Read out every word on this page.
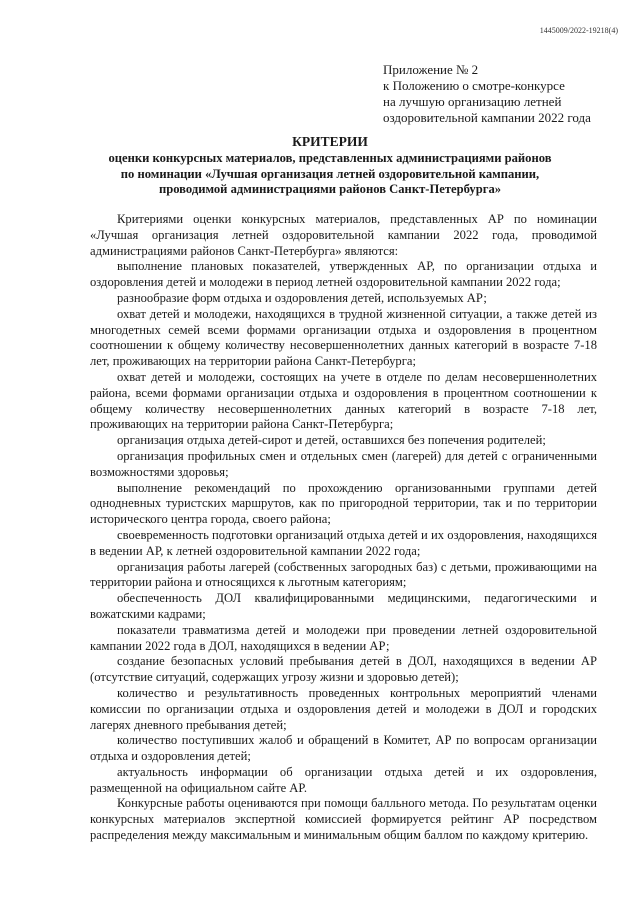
1445009/2022-19218(4)
Приложение № 2
к Положению о смотре-конкурсе
на лучшую организацию летней
оздоровительной кампании 2022 года
КРИТЕРИИ
оценки конкурсных материалов, представленных администрациями районов
по номинации «Лучшая организация летней оздоровительной кампании,
проводимой администрациями районов Санкт-Петербурга»

Критериями оценки конкурсных материалов, представленных АР по номинации «Лучшая организация летней оздоровительной кампании 2022 года, проводимой администрациями районов Санкт-Петербурга» являются:

выполнение плановых показателей, утвержденных АР, по организации отдыха и оздоровления детей и молодежи в период летней оздоровительной кампании 2022 года;

разнообразие форм отдыха и оздоровления детей, используемых АР;

охват детей и молодежи, находящихся в трудной жизненной ситуации, а также детей из многодетных семей всеми формами организации отдыха и оздоровления в процентном соотношении к общему количеству несовершеннолетних данных категорий в возрасте 7-18 лет, проживающих на территории района Санкт-Петербурга;

охват детей и молодежи, состоящих на учете в отделе по делам несовершеннолетних района, всеми формами организации отдыха и оздоровления в процентном соотношении к общему количеству несовершеннолетних данных категорий в возрасте 7-18 лет, проживающих на территории района Санкт-Петербурга;

организация отдыха детей-сирот и детей, оставшихся без попечения родителей;

организация профильных смен и отдельных смен (лагерей) для детей с ограниченными возможностями здоровья;

выполнение рекомендаций по прохождению организованными группами детей однодневных туристских маршрутов, как по пригородной территории, так и по территории исторического центра города, своего района;

своевременность подготовки организаций отдыха детей и их оздоровления, находящихся в ведении АР, к летней оздоровительной кампании 2022 года;

организация работы лагерей (собственных загородных баз) с детьми, проживающими на территории района и относящихся к льготным категориям;

обеспеченность ДОЛ квалифицированными медицинскими, педагогическими и вожатскими кадрами;

показатели травматизма детей и молодежи при проведении летней оздоровительной кампании 2022 года в ДОЛ, находящихся в ведении АР;

создание безопасных условий пребывания детей в ДОЛ, находящихся в ведении АР (отсутствие ситуаций, содержащих угрозу жизни и здоровью детей);

количество и результативность проведенных контрольных мероприятий членами комиссии по организации отдыха и оздоровления детей и молодежи в ДОЛ и городских лагерях дневного пребывания детей;

количество поступивших жалоб и обращений в Комитет, АР по вопросам организации отдыха и оздоровления детей;

актуальность информации об организации отдыха детей и их оздоровления, размещенной на официальном сайте АР.

Конкурсные работы оцениваются при помощи балльного метода. По результатам оценки конкурсных материалов экспертной комиссией формируется рейтинг АР посредством распределения между максимальным и минимальным общим баллом по каждому критерию.
